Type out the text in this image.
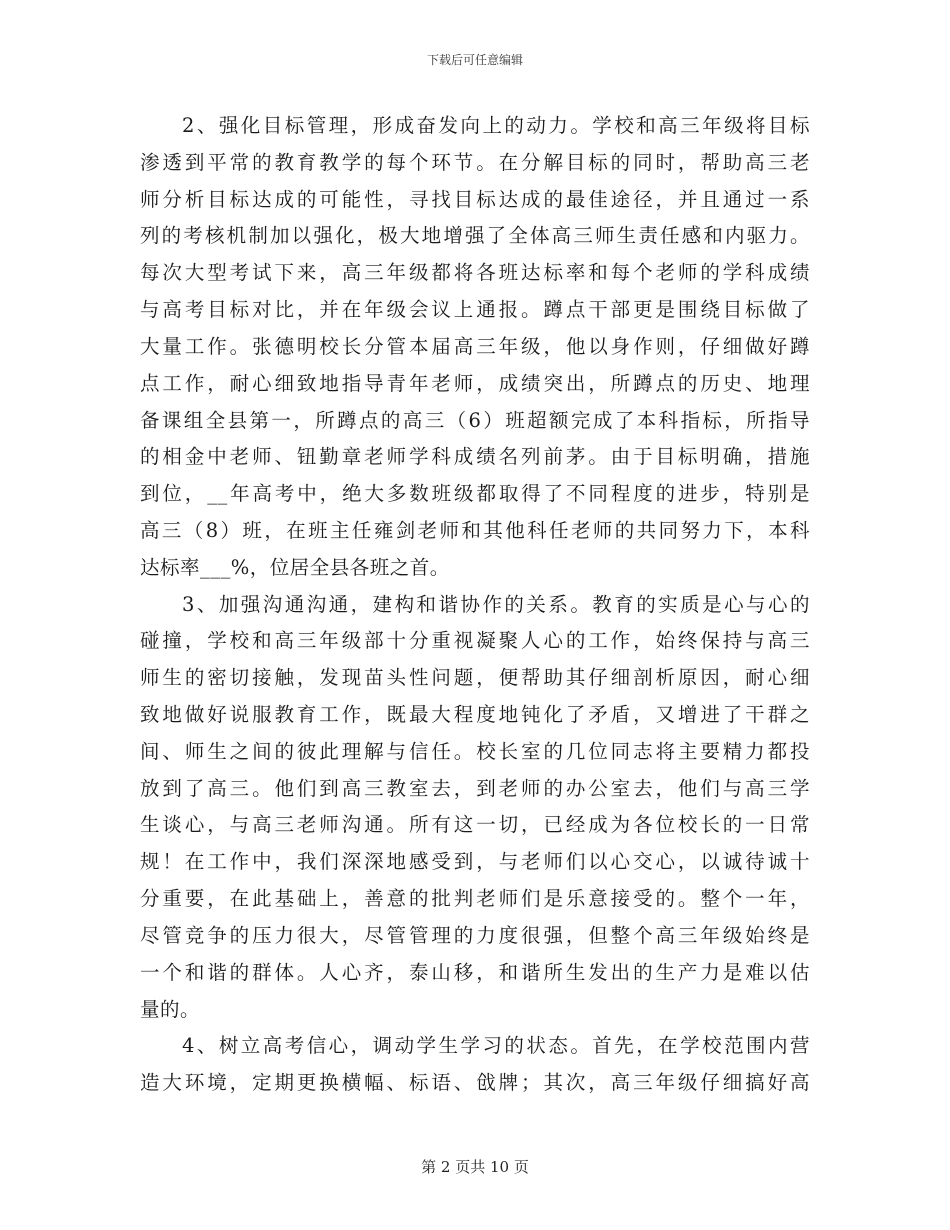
下载后可任意编辑
2、强化目标管理，形成奋发向上的动力。学校和高三年级将目标
渗透到平常的教育教学的每个环节。在分解目标的同时，帮助高三老
师分析目标达成的可能性，寻找目标达成的最佳途径，并且通过一系
列的考核机制加以强化，极大地增强了全体高三师生责任感和内驱力。
每次大型考试下来，高三年级都将各班达标率和每个老师的学科成绩
与高考目标对比，并在年级会议上通报。蹲点干部更是围绕目标做了
大量工作。张德明校长分管本届高三年级，他以身作则，仔细做好蹲
点工作，耐心细致地指导青年老师，成绩突出，所蹲点的历史、地理
备课组全县第一，所蹲点的高三（6）班超额完成了本科指标，所指导
的相金中老师、钮勤章老师学科成绩名列前茅。由于目标明确，措施
到位，__年高考中，绝大多数班级都取得了不同程度的进步，特别是
高三（8）班，在班主任雍剑老师和其他科任老师的共同努力下，本科
达标率___%，位居全县各班之首。
3、加强沟通沟通，建构和谐协作的关系。教育的实质是心与心的
碰撞，学校和高三年级部十分重视凝聚人心的工作，始终保持与高三
师生的密切接触，发现苗头性问题，便帮助其仔细剖析原因，耐心细
致地做好说服教育工作，既最大程度地钝化了矛盾，又增进了干群之
间、师生之间的彼此理解与信任。校长室的几位同志将主要精力都投
放到了高三。他们到高三教室去，到老师的办公室去，他们与高三学
生谈心，与高三老师沟通。所有这一切，已经成为各位校长的一日常
规！在工作中，我们深深地感受到，与老师们以心交心，以诚待诚十
分重要，在此基础上，善意的批判老师们是乐意接受的。整个一年，
尽管竞争的压力很大，尽管管理的力度很强，但整个高三年级始终是
一个和谐的群体。人心齐，泰山移，和谐所生发出的生产力是难以估
量的。
4、树立高考信心，调动学生学习的状态。首先，在学校范围内营
造大环境，定期更换横幅、标语、戗牌；其次，高三年级仔细搞好高
第 2 页共 10 页
